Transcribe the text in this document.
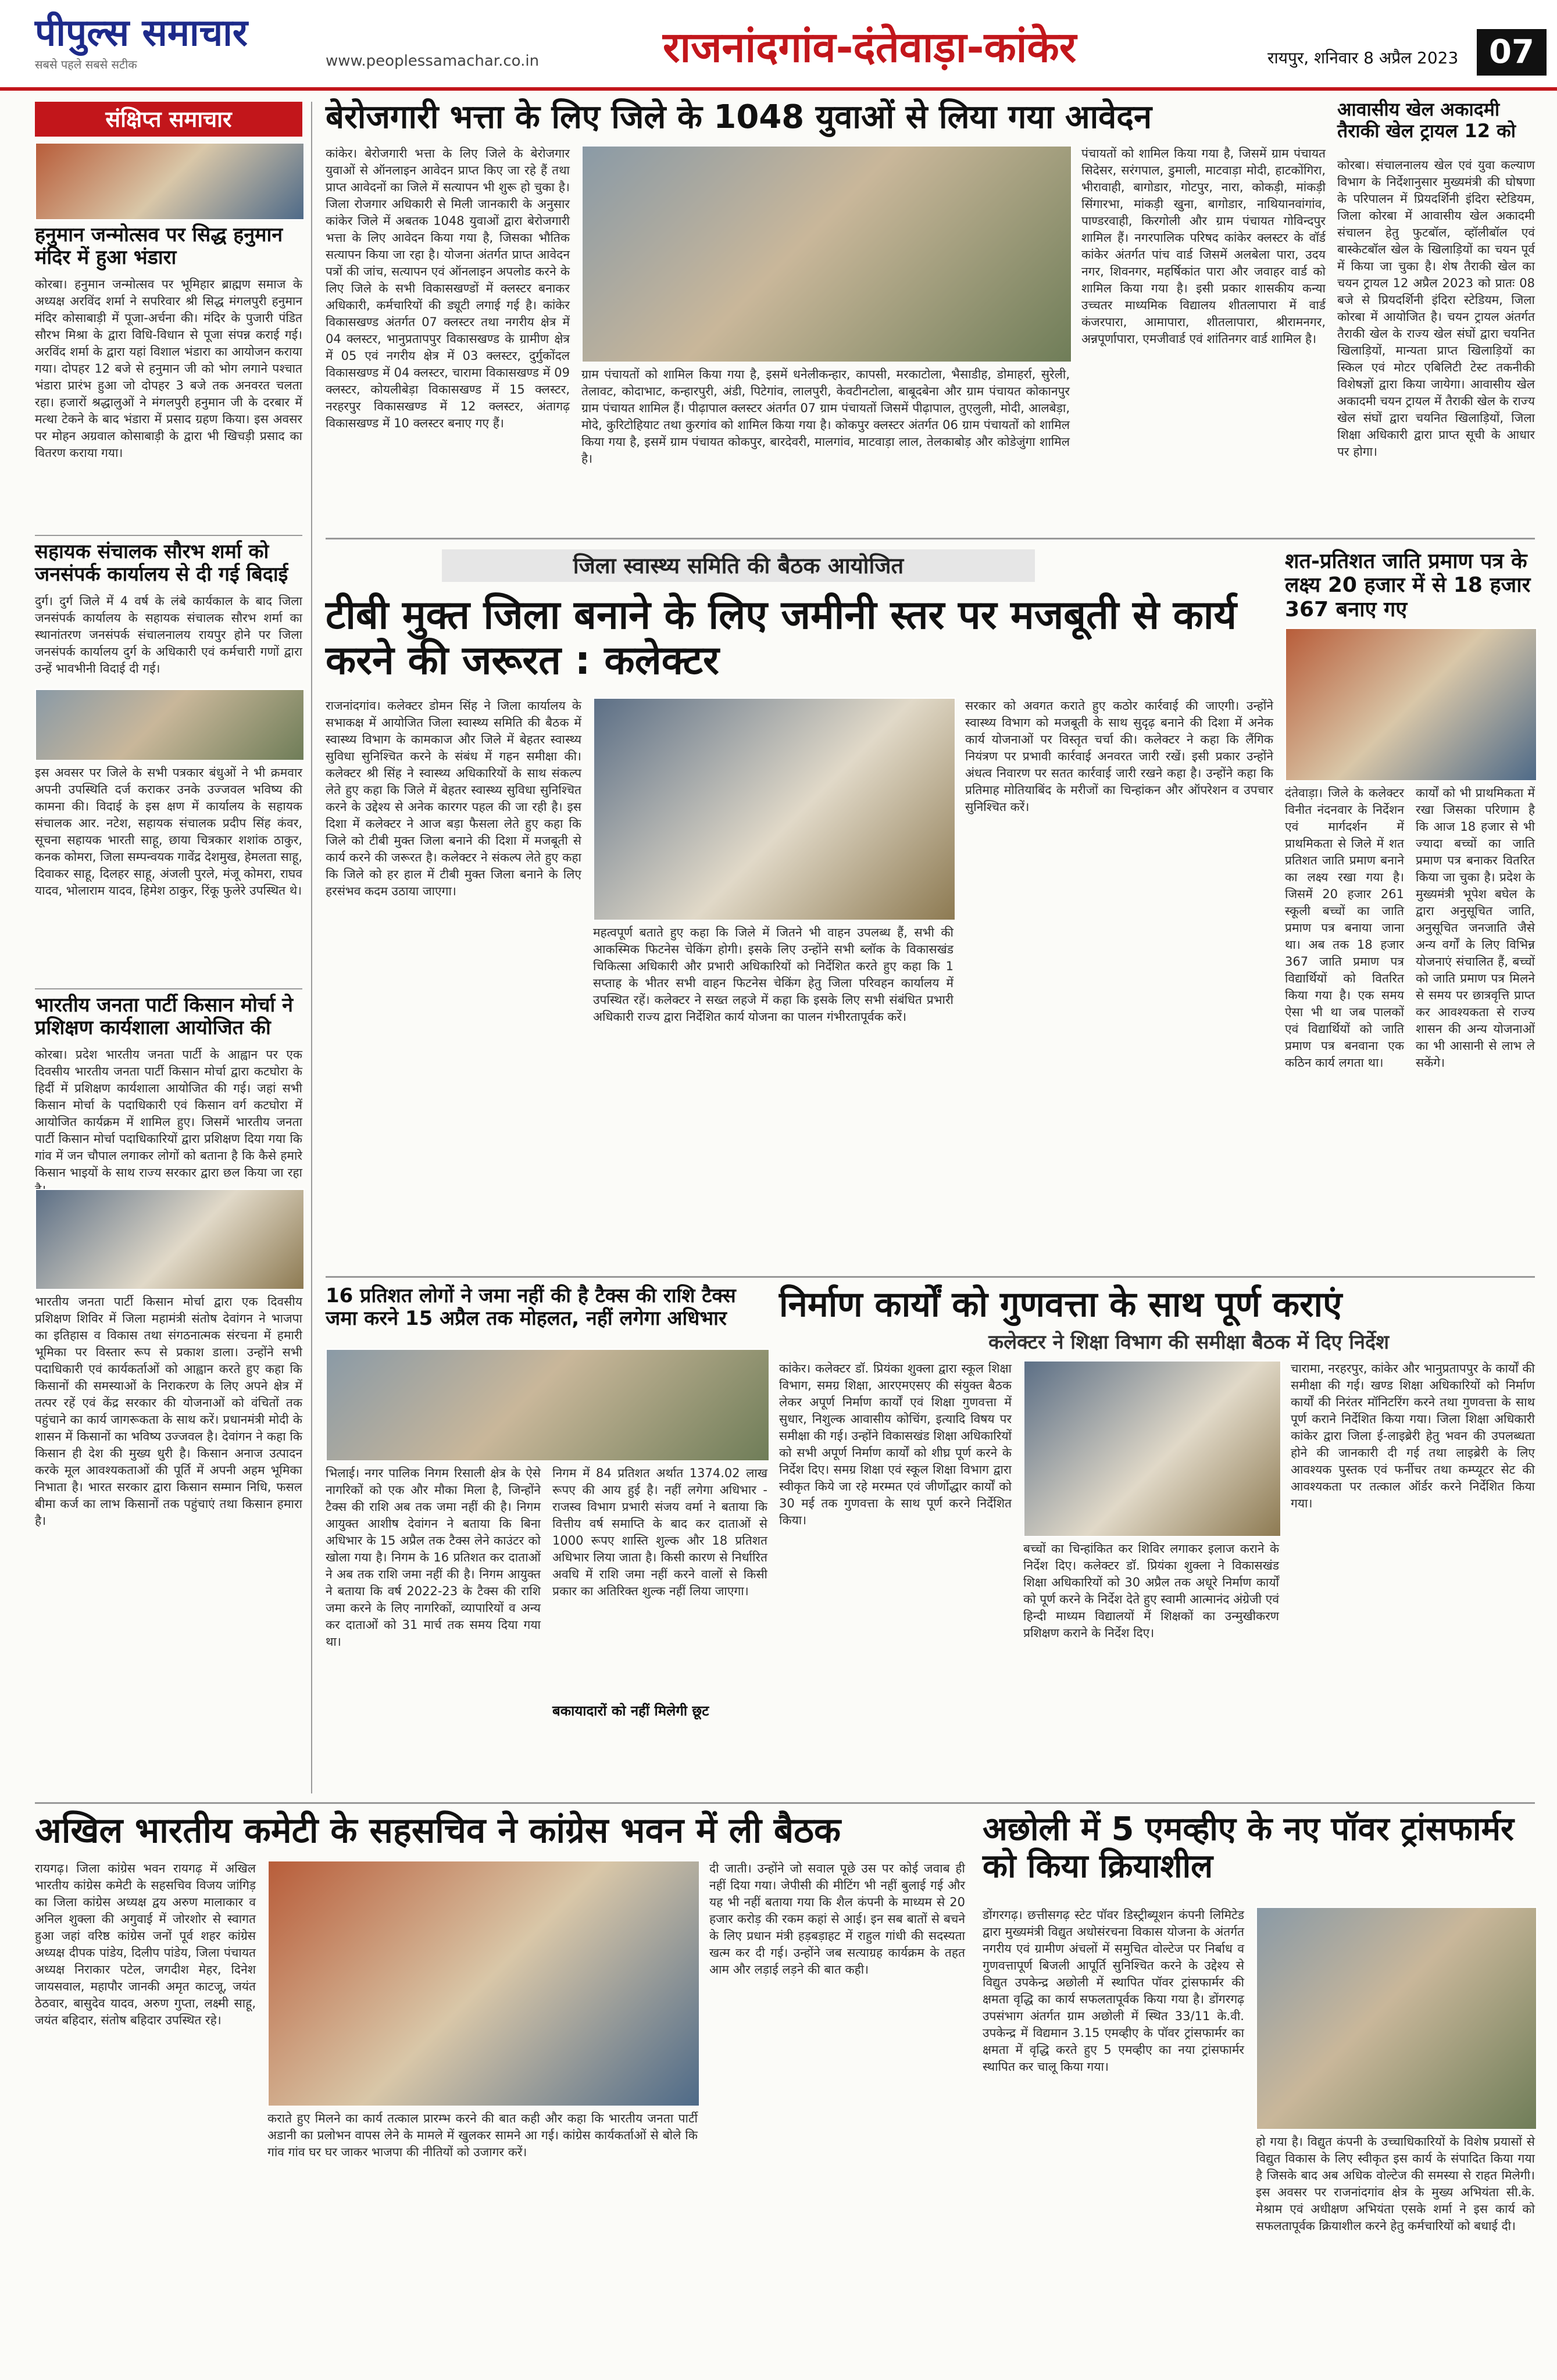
पीपुल्स समाचार
सबसे पहले सबसे सटीक	www.peoplessamachar.co.in	राजनांदगांव-दंतेवाड़ा-कांकेर	रायपुर, शनिवार 8 अप्रैल 2023 07
संक्षिप्त समाचार
हनुमान जन्मोत्सव पर सिद्ध हनुमान मंदिर में हुआ भंडारा
कोरबा। हनुमान जन्मोत्सव पर भूमिहार ब्राह्मण समाज के अध्यक्ष अरविंद शर्मा ने सपरिवार श्री सिद्ध मंगलपुरी हनुमान मंदिर कोसाबाड़ी में पूजा-अर्चना की। मंदिर के पुजारी पंडित सौरभ मिश्रा के द्वारा विधि-विधान से पूजा संपन्न कराई गई। अरविंद शर्मा के द्वारा यहां विशाल भंडारा का आयोजन कराया गया। दोपहर 12 बजे से हनुमान जी को भोग लगाने पश्चात भंडारा प्रारंभ हुआ जो दोपहर 3 बजे तक अनवरत चलता रहा। हजारों श्रद्धालुओं ने मंगलपुरी हनुमान जी के दरबार में मत्था टेकने के बाद भंडारा में प्रसाद ग्रहण किया। इस अवसर पर मोहन अग्रवाल कोसाबाड़ी के द्वारा भी खिचड़ी प्रसाद का वितरण कराया गया।
सहायक संचालक सौरभ शर्मा को जनसंपर्क कार्यालय से दी गई बिदाई
दुर्ग। दुर्ग जिले में 4 वर्ष के लंबे कार्यकाल के बाद जिला जनसंपर्क कार्यालय के सहायक संचालक सौरभ शर्मा का स्थानांतरण जनसंपर्क संचालनालय रायपुर होने पर जिला जनसंपर्क कार्यालय दुर्ग के अधिकारी एवं कर्मचारी गणों द्वारा उन्हें भावभीनी विदाई दी गई।
इस अवसर पर जिले के सभी पत्रकार बंधुओं ने भी क्रमवार अपनी उपस्थिति दर्ज कराकर उनके उज्जवल भविष्य की कामना की। विदाई के इस क्षण में कार्यालय के सहायक संचालक आर. नटेश, सहायक संचालक प्रदीप सिंह कंवर, सूचना सहायक भारती साहू, छाया चित्रकार शशांक ठाकुर, कनक कोमरा, जिला सम्पन्वयक गावेंद्र देशमुख, हेमलता साहू, दिवाकर साहू, दिलहर साहू, अंजली पुरले, मंजू कोमरा, राघव यादव, भोलाराम यादव, हिमेश ठाकुर, रिंकू फुलेरे उपस्थित थे।
भारतीय जनता पार्टी किसान मोर्चा ने प्रशिक्षण कार्यशाला आयोजित की
कोरबा। प्रदेश भारतीय जनता पार्टी के आह्वान पर एक दिवसीय भारतीय जनता पार्टी किसान मोर्चा द्वारा कटघोरा के हिर्दी में प्रशिक्षण कार्यशाला आयोजित की गई। जहां सभी किसान मोर्चा के पदाधिकारी एवं किसान वर्ग कटघोरा में आयोजित कार्यक्रम में शामिल हुए। जिसमें भारतीय जनता पार्टी किसान मोर्चा पदाधिकारियों द्वारा प्रशिक्षण दिया गया कि गांव में जन चौपाल लगाकर लोगों को बताना है कि कैसे हमारे किसान भाइयों के साथ राज्य सरकार द्वारा छल किया जा रहा
भारतीय जनता पार्टी किसान मोर्चा द्वारा एक दिवसीय प्रशिक्षण शिविर में जिला महामंत्री संतोष देवांगन ने भाजपा का इतिहास व विकास तथा संगठनात्मक संरचना में हमारी भूमिका पर विस्तार रूप से प्रकाश डाला। उन्होंने सभी पदाधिकारी एवं कार्यकर्ताओं को आह्वान करते हुए कहा कि किसानों की समस्याओं के निराकरण के लिए अपने क्षेत्र में तत्पर रहें एवं केंद्र सरकार की योजनाओं को वंचितों तक पहुंचाने का कार्य जागरूकता के साथ करें। प्रधानमंत्री मोदी के शासन में किसानों का भविष्य उज्जवल है। देवांगन ने कहा कि किसान ही देश की मुख्य धुरी है। किसान अनाज उत्पादन करके मूल आवश्यकताओं की पूर्ति में अपनी अहम भूमिका निभाता है। भारत सरकार द्वारा किसान सम्मान निधि, फसल बीमा कर्ज का लाभ किसानों तक पहुंचाएं तथा किसान हमारा है।
बेरोजगारी भत्ता के लिए जिले के 1048 युवाओं से लिया गया आवेदन
कांकेर। बेरोजगारी भत्ता के लिए जिले के बेरोजगार युवाओं से ऑनलाइन आवेदन प्राप्त किए जा रहे हैं तथा प्राप्त आवेदनों का जिले में सत्यापन भी शुरू हो चुका है। जिला रोजगार अधिकारी से मिली जानकारी के अनुसार कांकेर जिले में अबतक 1048 युवाओं द्वारा बेरोजगारी भत्ता के लिए आवेदन किया गया है, जिसका भौतिक सत्यापन किया जा रहा है। योजना अंतर्गत प्राप्त आवेदन पत्रों की जांच, सत्यापन एवं ऑनलाइन अपलोड करने के लिए जिले के सभी विकासखण्डों में क्लस्टर बनाकर अधिकारी, कर्मचारियों की ड्यूटी लगाई गई है। कांकेर विकासखण्ड अंतर्गत 07 क्लस्टर तथा नगरीय क्षेत्र में 04 क्लस्टर, भानुप्रतापपुर विकासखण्ड के ग्रामीण क्षेत्र में 05 एवं नगरीय क्षेत्र में 03 क्लस्टर, दुर्गुकोंदल विकासखण्ड में 04 क्लस्टर, चारामा विकासखण्ड में 09 क्लस्टर, कोयलीबेड़ा विकासखण्ड में 15 क्लस्टर, नरहरपुर विकासखण्ड में 12 क्लस्टर, अंतागढ़ विकासखण्ड में 10 क्लस्टर बनाए गए हैं।
ग्राम पंचायतों को शामिल किया गया है, इसमें धनेलीकन्हार, कापसी, मरकाटोला, भैसाडीह, डोमाहर्रा, सुरेली, तेलावट, कोदाभाट, कन्हारपुरी, अंडी, पिटेगांव, लालपुरी, केवटीनटोला, बाबूदबेना और ग्राम पंचायत कोकानपुर ग्राम पंचायत शामिल हैं। पीढ़ापाल क्लस्टर अंतर्गत 07 ग्राम पंचायतों जिसमें पीढ़ापाल, तुएलुली, मोदी, आलबेड़ा, मोदे, कुरिटोहियाट तथा कुरगांव को शामिल किया गया है। कोकपुर क्लस्टर अंतर्गत 06 ग्राम पंचायतों को शामिल किया गया है, इसमें ग्राम पंचायत कोकपुर, बारदेवरी, मालगांव, माटवाड़ा लाल, तेलकाबोड़ और कोडेजुंगा शामिल है।
पंचायतों को शामिल किया गया है, जिसमें ग्राम पंचायत सिदेसर, सरंगपाल, डुमाली, माटवाड़ा मोदी, हाटकोंगिरा, भीरावाही, बागोडार, गोटपुर, नारा, कोकड़ी, मांकड़ी सिंगारभा, मांकड़ी खुना, बागोडार, नाथियानवांगांव, पाण्डरवाही, किरगोली और ग्राम पंचायत गोविन्दपुर शामिल हैं। नगरपालिक परिषद कांकेर क्लस्टर के वॉर्ड कांकेर अंतर्गत पांच वार्ड जिसमें अलबेला पारा, उदय नगर, शिवनगर, महर्षिकांत पारा और जवाहर वार्ड को शामिल किया गया है। इसी प्रकार शासकीय कन्या उच्चतर माध्यमिक विद्यालय शीतलापारा में वार्ड कंजरपारा, आमापारा, शीतलापारा, श्रीरामनगर, अन्नपूर्णापारा, एमजीवार्ड एवं शांतिनगर वार्ड शामिल है।
आवासीय खेल अकादमी तैराकी खेल ट्रायल 12 को
कोरबा। संचालनालय खेल एवं युवा कल्याण विभाग के निर्देशानुसार मुख्यमंत्री की घोषणा के परिपालन में प्रियदर्शिनी इंदिरा स्टेडियम, जिला कोरबा में आवासीय खेल अकादमी संचालन हेतु फुटबॉल, व्हॉलीबॉल एवं बास्केटबॉल खेल के खिलाड़ियों का चयन पूर्व में किया जा चुका है। शेष तैराकी खेल का चयन ट्रायल 12 अप्रैल 2023 को प्रातः 08 बजे से प्रियदर्शिनी इंदिरा स्टेडियम, जिला कोरबा में आयोजित है। चयन ट्रायल अंतर्गत तैराकी खेल के राज्य खेल संघों द्वारा चयनित खिलाड़ियों, मान्यता प्राप्त खिलाड़ियों का स्किल एवं मोटर एबिलिटी टेस्ट तकनीकी विशेषज्ञों द्वारा किया जायेगा। आवासीय खेल अकादमी चयन ट्रायल में तैराकी खेल के राज्य खेल संघों द्वारा चयनित खिलाड़ियों, जिला शिक्षा अधिकारी द्वारा प्राप्त सूची के आधार पर होगा।
जिला स्वास्थ्य समिति की बैठक आयोजित
टीबी मुक्त जिला बनाने के लिए जमीनी स्तर पर मजबूती से कार्य करने की जरूरत : कलेक्टर
राजनांदगांव। कलेक्टर डोमन सिंह ने जिला कार्यालय के सभाकक्ष में आयोजित जिला स्वास्थ्य समिति की बैठक में स्वास्थ्य विभाग के कामकाज और जिले में बेहतर स्वास्थ्य सुविधा सुनिश्चित करने के संबंध में गहन समीक्षा की। कलेक्टर श्री सिंह ने स्वास्थ्य अधिकारियों के साथ संकल्प लेते हुए कहा कि जिले में बेहतर स्वास्थ्य सुविधा सुनिश्चित करने के उद्देश्य से अनेक कारगर पहल की जा रही है। इस दिशा में कलेक्टर ने आज बड़ा फैसला लेते हुए कहा कि जिले को टीबी मुक्त जिला बनाने की दिशा में मजबूती से कार्य करने की जरूरत है। कलेक्टर ने संकल्प लेते हुए कहा कि जिले को हर हाल में टीबी मुक्त जिला बनाने के लिए हरसंभव कदम उठाया जाएगा।
महत्वपूर्ण बताते हुए कहा कि जिले में जितने भी वाहन उपलब्ध हैं, सभी की आकस्मिक फिटनेस चेकिंग होगी। इसके लिए उन्होंने सभी ब्लॉक के विकासखंड चिकित्सा अधिकारी और प्रभारी अधिकारियों को निर्देशित करते हुए कहा कि 1 सप्ताह के भीतर सभी वाहन फिटनेस चेकिंग हेतु जिला परिवहन कार्यालय में उपस्थित रहें। कलेक्टर ने सख्त लहजे में कहा कि इसके लिए सभी संबंधित प्रभारी अधिकारी राज्य द्वारा निर्देशित कार्य योजना का पालन गंभीरतापूर्वक करें।
सरकार को अवगत कराते हुए कठोर कार्रवाई की जाएगी। उन्होंने स्वास्थ्य विभाग को मजबूती के साथ सुदृढ़ बनाने की दिशा में अनेक कार्य योजनाओं पर विस्तृत चर्चा की। कलेक्टर ने कहा कि लैंगिक नियंत्रण पर प्रभावी कार्रवाई अनवरत जारी रखें। इसी प्रकार उन्होंने अंधत्व निवारण पर सतत कार्रवाई जारी रखने कहा है। उन्होंने कहा कि प्रतिमाह मोतियाबिंद के मरीजों का चिन्हांकन और ऑपरेशन व उपचार सुनिश्चित करें।
शत-प्रतिशत जाति प्रमाण पत्र के लक्ष्य 20 हजार में से 18 हजार 367 बनाए गए
दंतेवाड़ा। जिले के कलेक्टर विनीत नंदनवार के निर्देशन एवं मार्गदर्शन में प्राथमिकता से जिले में शत प्रतिशत जाति प्रमाण बनाने का लक्ष्य रखा गया है। जिसमें 20 हजार 261 स्कूली बच्चों का जाति प्रमाण पत्र बनाया जाना था। अब तक 18 हजार 367 जाति प्रमाण पत्र विद्यार्थियों को वितरित किया गया है। एक समय ऐसा भी था जब पालकों एवं विद्यार्थियों को जाति प्रमाण पत्र बनवाना एक कठिन कार्य लगता था।
कार्यों को भी प्राथमिकता में रखा जिसका परिणाम है कि आज 18 हजार से भी ज्यादा बच्चों का जाति प्रमाण पत्र बनाकर वितरित किया जा चुका है। प्रदेश के मुख्यमंत्री भूपेश बघेल के द्वारा अनुसूचित जाति, अनुसूचित जनजाति जैसे अन्य वर्गों के लिए विभिन्न योजनाएं संचालित हैं, बच्चों को जाति प्रमाण पत्र मिलने से समय पर छात्रवृत्ति प्राप्त कर आवश्यकता से राज्य शासन की अन्य योजनाओं का भी आसानी से लाभ ले सकेंगे।
16 प्रतिशत लोगों ने जमा नहीं की है टैक्स की राशि टैक्स जमा करने 15 अप्रैल तक मोहलत, नहीं लगेगा अधिभार
भिलाई। नगर पालिक निगम रिसाली क्षेत्र के ऐसे नागरिकों को एक और मौका मिला है, जिन्होंने टैक्स की राशि अब तक जमा नहीं की है। निगम आयुक्त आशीष देवांगन ने बताया कि बिना अधिभार के 15 अप्रैल तक टैक्स लेने काउंटर को खोला गया है। निगम के 16 प्रतिशत कर दाताओं ने अब तक राशि जमा नहीं की है। निगम आयुक्त ने बताया कि वर्ष 2022-23 के टैक्स की राशि जमा करने के लिए नागरिकों, व्यापारियों व अन्य कर दाताओं को 31 मार्च तक समय दिया गया था।
निगम में 84 प्रतिशत अर्थात 1374.02 लाख रूपए की आय हुई है। नहीं लगेगा अधिभार - राजस्व विभाग प्रभारी संजय वर्मा ने बताया कि वित्तीय वर्ष समाप्ति के बाद कर दाताओं से 1000 रूपए शास्ति शुल्क और 18 प्रतिशत अधिभार लिया जाता है। किसी कारण से निर्धारित अवधि में राशि जमा नहीं करने वालों से किसी प्रकार का अतिरिक्त शुल्क नहीं लिया जाएगा।
बकायादारों को नहीं मिलेगी छूट
निर्माण कार्यों को गुणवत्ता के साथ पूर्ण कराएं
कलेक्टर ने शिक्षा विभाग की समीक्षा बैठक में दिए निर्देश
कांकेर। कलेक्टर डॉ. प्रियंका शुक्ला द्वारा स्कूल शिक्षा विभाग, समग्र शिक्षा, आरएमएसए की संयुक्त बैठक लेकर अपूर्ण निर्माण कार्यों एवं शिक्षा गुणवत्ता में सुधार, निशुल्क आवासीय कोचिंग, इत्यादि विषय पर समीक्षा की गई। उन्होंने विकासखंड शिक्षा अधिकारियों को सभी अपूर्ण निर्माण कार्यों को शीघ्र पूर्ण करने के निर्देश दिए। समग्र शिक्षा एवं स्कूल शिक्षा विभाग द्वारा स्वीकृत किये जा रहे मरम्मत एवं जीर्णोद्धार कार्यों को 30 मई तक गुणवत्ता के साथ पूर्ण करने निर्देशित किया।
बच्चों का चिन्हांकित कर शिविर लगाकर इलाज कराने के निर्देश दिए। कलेक्टर डॉ. प्रियंका शुक्ला ने विकासखंड शिक्षा अधिकारियों को 30 अप्रैल तक अधूरे निर्माण कार्यों को पूर्ण करने के निर्देश देते हुए स्वामी आत्मानंद अंग्रेजी एवं हिन्दी माध्यम विद्यालयों में शिक्षकों का उन्मुखीकरण प्रशिक्षण कराने के निर्देश दिए।
चारामा, नरहरपुर, कांकेर और भानुप्रतापपुर के कार्यों की समीक्षा की गई। खण्ड शिक्षा अधिकारियों को निर्माण कार्यों की निरंतर मॉनिटरिंग करने तथा गुणवत्ता के साथ पूर्ण कराने निर्देशित किया गया। जिला शिक्षा अधिकारी कांकेर द्वारा जिला ई-लाइब्रेरी हेतु भवन की उपलब्धता होने की जानकारी दी गई तथा लाइब्रेरी के लिए आवश्यक पुस्तक एवं फर्नीचर तथा कम्प्यूटर सेट की आवश्यकता पर तत्काल ऑर्डर करने निर्देशित किया गया।
अखिल भारतीय कमेटी के सहसचिव ने कांग्रेस भवन में ली बैठक
रायगढ़। जिला कांग्रेस भवन रायगढ़ में अखिल भारतीय कांग्रेस कमेटी के सहसचिव विजय जांगिड़ का जिला कांग्रेस अध्यक्ष द्वय अरुण मालाकार व अनिल शुक्ला की अगुवाई में जोरशोर से स्वागत हुआ जहां वरिष्ठ कांग्रेस जनों पूर्व शहर कांग्रेस अध्यक्ष दीपक पांडेय, दिलीप पांडेय, जिला पंचायत अध्यक्ष निराकार पटेल, जगदीश मेहर, दिनेश जायसवाल, महापौर जानकी अमृत काटजू, जयंत ठेठवार, बासुदेव यादव, अरुण गुप्ता, लक्ष्मी साहू, जयंत बहिदार, संतोष बहिदार उपस्थित रहे।
कराते हुए मिलने का कार्य तत्काल प्रारम्भ करने की बात कही और कहा कि भारतीय जनता पार्टी अडानी का प्रलोभन वापस लेने के मामले में खुलकर सामने आ गई। कांग्रेस कार्यकर्ताओं से बोले कि गांव गांव घर घर जाकर भाजपा की नीतियों को उजागर करें।
दी जाती। उन्होंने जो सवाल पूछे उस पर कोई जवाब ही नहीं दिया गया। जेपीसी की मीटिंग भी नहीं बुलाई गई और यह भी नहीं बताया गया कि शैल कंपनी के माध्यम से 20 हजार करोड़ की रकम कहां से आई। इन सब बातों से बचने के लिए प्रधान मंत्री हड़बड़ाहट में राहुल गांधी की सदस्यता खत्म कर दी गई। उन्होंने जब सत्याग्रह कार्यक्रम के तहत आम और लड़ाई लड़ने की बात कही।
अछोली में 5 एमव्हीए के नए पॉवर ट्रांसफार्मर को किया क्रियाशील
डोंगरगढ़। छत्तीसगढ़ स्टेट पॉवर डिस्ट्रीब्यूशन कंपनी लिमिटेड द्वारा मुख्यमंत्री विद्युत अधोसंरचना विकास योजना के अंतर्गत नगरीय एवं ग्रामीण अंचलों में समुचित वोल्टेज पर निर्बाध व गुणवत्तापूर्ण बिजली आपूर्ति सुनिश्चित करने के उद्देश्य से विद्युत उपकेन्द्र अछोली में स्थापित पॉवर ट्रांसफार्मर की क्षमता वृद्धि का कार्य सफलतापूर्वक किया गया है। डोंगरगढ़ उपसंभाग अंतर्गत ग्राम अछोली में स्थित 33/11 के.वी. उपकेन्द्र में विद्यमान 3.15 एमव्हीए के पॉवर ट्रांसफार्मर का क्षमता में वृद्धि करते हुए 5 एमव्हीए का नया ट्रांसफार्मर स्थापित कर चालू किया गया।
हो गया है। विद्युत कंपनी के उच्चाधिकारियों के विशेष प्रयासों से विद्युत विकास के लिए स्वीकृत इस कार्य के संपादित किया गया है जिसके बाद अब अधिक वोल्टेज की समस्या से राहत मिलेगी। इस अवसर पर राजनांदगांव क्षेत्र के मुख्य अभियंता सी.के. मेश्राम एवं अधीक्षण अभियंता एसके शर्मा ने इस कार्य को सफलतापूर्वक क्रियाशील करने हेतु कर्मचारियों को बधाई दी।
